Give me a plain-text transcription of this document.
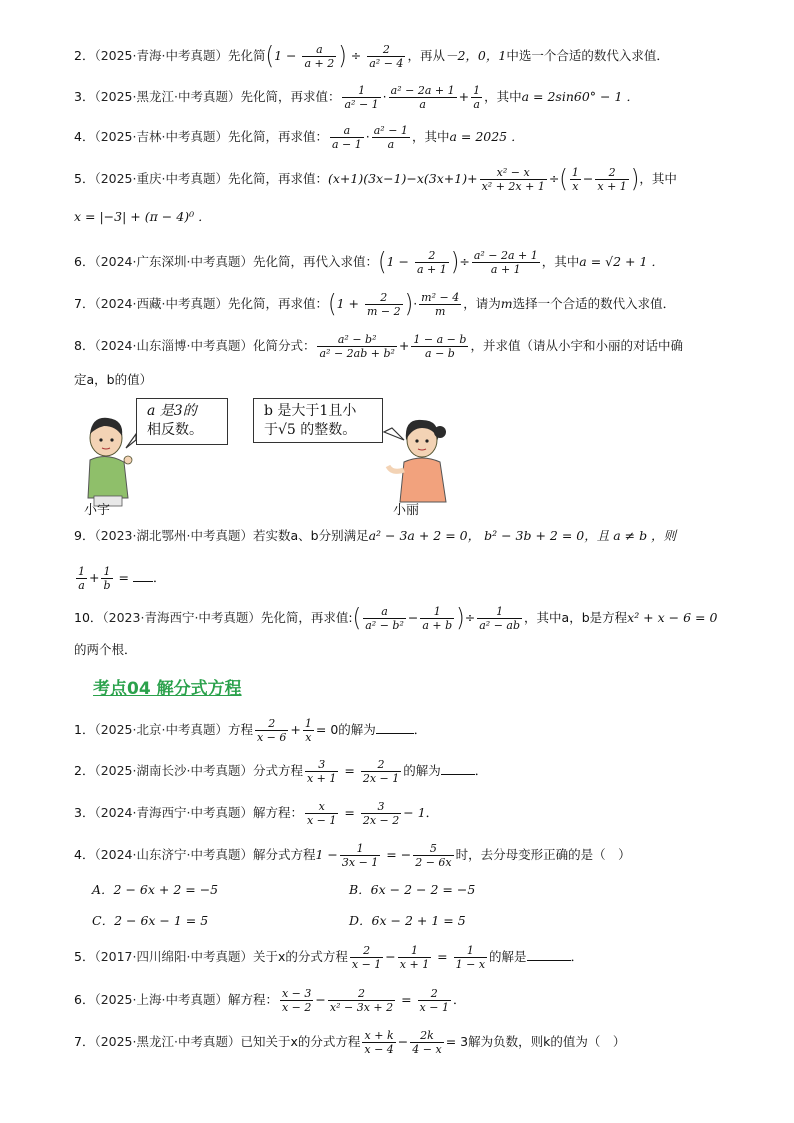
2．（2025·青海·中考真题）先化简($1 - \frac{a}{a + 2}$ ) ÷ $\frac{2}{\text{a² − 4}}$ ，再从－2，0，1中选一个合适的数代入求值．
3．（2025·黑龙江·中考真题）先化简，再求值： $\frac{1}{\text{a² − 1}} \cdot \frac{\text{a² − 2a + 1}}{a} + \frac{1}{a}$ ，其中a = 2sin60° − 1 ．
4．（2025·吉林·中考真题）先化简，再求值： $\frac{a}{a - 1} \cdot \frac{\text{a² − 1}}{a}$ ，其中a = 2025 ．
5．（2025·重庆·中考真题）先化简，再求值：$(x+1)(3x-1)-x(3x+1)+ \frac{\text{x² − x}}{\text{x² + 2x + 1}}$ ÷( $\frac{1}{x} - \frac{2}{x + 1}$ )，其中
x = |−3| + (π − 4)⁰ ．
6．（2024·广东深圳·中考真题）先化简，再代入求值：($1 - \frac{2}{a + 1}$ )÷ $\frac{\text{a² − 2a + 1}}{a + 1}$ ，其中a = √2 + 1 ．
7．（2024·西藏·中考真题）先化简，再求值：($1 + \frac{2}{m - 2}$ )· $\frac{\text{m² − 4}}{m}$ ，请为m选择一个合适的数代入求值．
8．（2024·山东淄博·中考真题）化简分式： $\frac{\text{a² − b²}}{\text{a² − 2ab + b²}} + \frac{1 - a - b}{a - b}$ ，并求值（请从小宇和小丽的对话中确
定a，b的值）
a 是3的
相反数。
b 是大于1且小
于√5 的整数。
小宇	小丽
9．（2023·湖北鄂州·中考真题）若实数a、b分别满足a² − 3a + 2 = 0， b² − 3b + 2 = 0，且 a ≠ b ，则
$\frac{1}{a} + \frac{1}{b}$ = ．
10．（2023·青海西宁·中考真题）先化简，再求值:( $\frac{a}{\text{a² − b²}} - \frac{1}{a + b}$ )÷ $\frac{1}{\text{a² − ab}}$ ，其中a，b是方程x² + x − 6 = 0
的两个根．
考点04 解分式方程
1．（2025·北京·中考真题）方程 $\frac{2}{x - 6} + \frac{1}{x} = 0$的解为	．
2．（2025·湖南长沙·中考真题）分式方程 $\frac{3}{x + 1} = \frac{2}{2x - 1}$ 的解为	．
3．（2024·青海西宁·中考真题）解方程： $\frac{x}{x - 1} = \frac{3}{2x - 2} - 1$．
4．（2024·山东济宁·中考真题）解分式方程$1 - \frac{1}{3x - 1}$ = − $\frac{5}{2 - 6x}$ 时，去分母变形正确的是（　）
A．2 − 6x + 2 = −5	B．6x − 2 − 2 = −5
C．2 − 6x − 1 = 5	D．6x − 2 + 1 = 5
5．（2017·四川绵阳·中考真题）关于x的分式方程 $\frac{2}{x - 1} - \frac{1}{x + 1} = \frac{1}{1 - x}$ 的解是	．
6．（2025·上海·中考真题）解方程： $\frac{x - 3}{x - 2} - \frac{2}{\text{x² − 3x + 2}} = \frac{2}{x - 1}$ ．
7．（2025·黑龙江·中考真题）已知关于x的分式方程 $\frac{x + k}{x - 4} - \frac{2k}{4 - x} = 3$解为负数，则k的值为（　）
